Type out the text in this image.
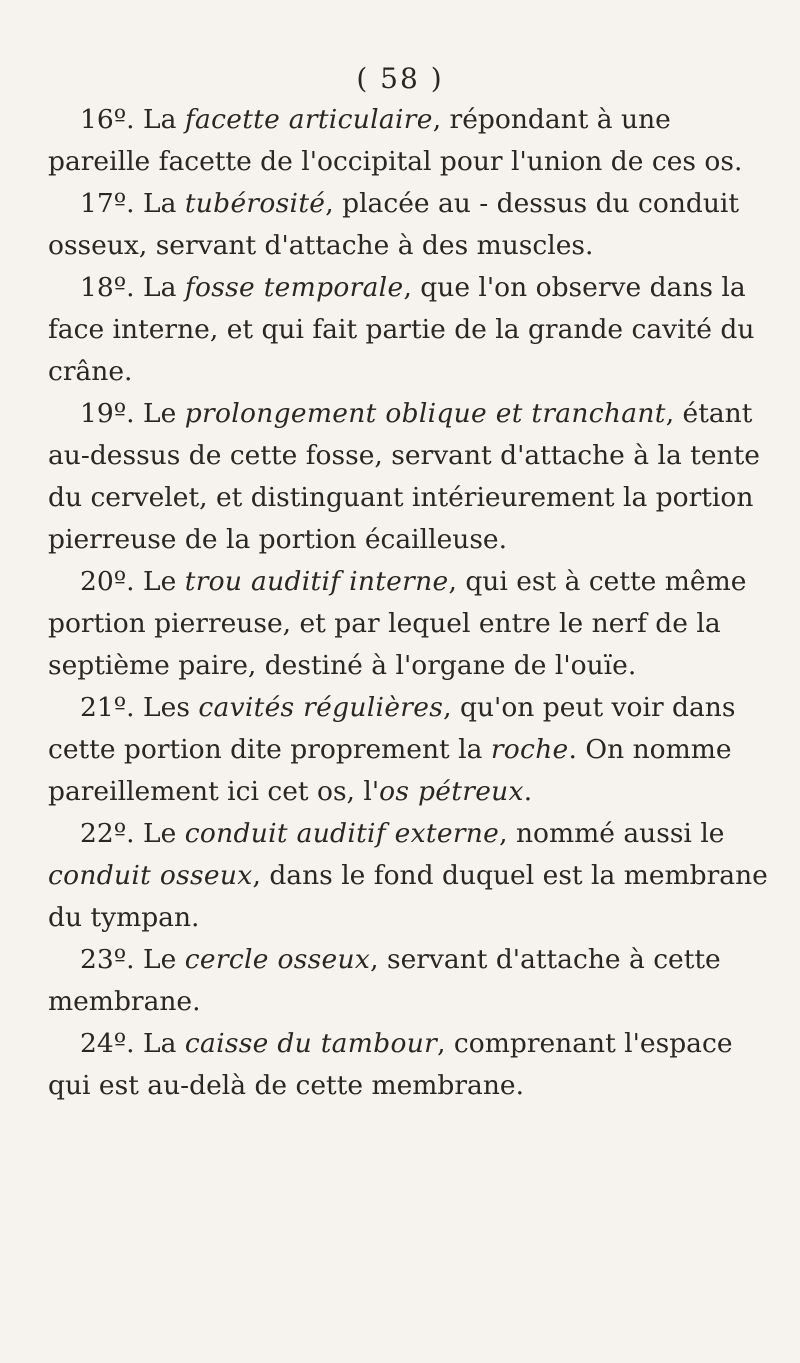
( 58 )

16º. La facette articulaire, répondant à une pareille facette de l'occipital pour l'union de ces os.

17º. La tubérosité, placée au - dessus du conduit osseux, servant d'attache à des muscles.

18º. La fosse temporale, que l'on observe dans la face interne, et qui fait partie de la grande cavité du crâne.

19º. Le prolongement oblique et tranchant, étant au-dessus de cette fosse, servant d'attache à la tente du cervelet, et distinguant intérieurement la portion pierreuse de la portion écailleuse.

20º. Le trou auditif interne, qui est à cette même portion pierreuse, et par lequel entre le nerf de la septième paire, destiné à l'organe de l'ouïe.

21º. Les cavités régulières, qu'on peut voir dans cette portion dite proprement la roche. On nomme pareillement ici cet os, l'os pétreux.

22º. Le conduit auditif externe, nommé aussi le conduit osseux, dans le fond duquel est la membrane du tympan.

23º. Le cercle osseux, servant d'attache à cette membrane.

24º. La caisse du tambour, comprenant l'espace qui est au-delà de cette membrane.
